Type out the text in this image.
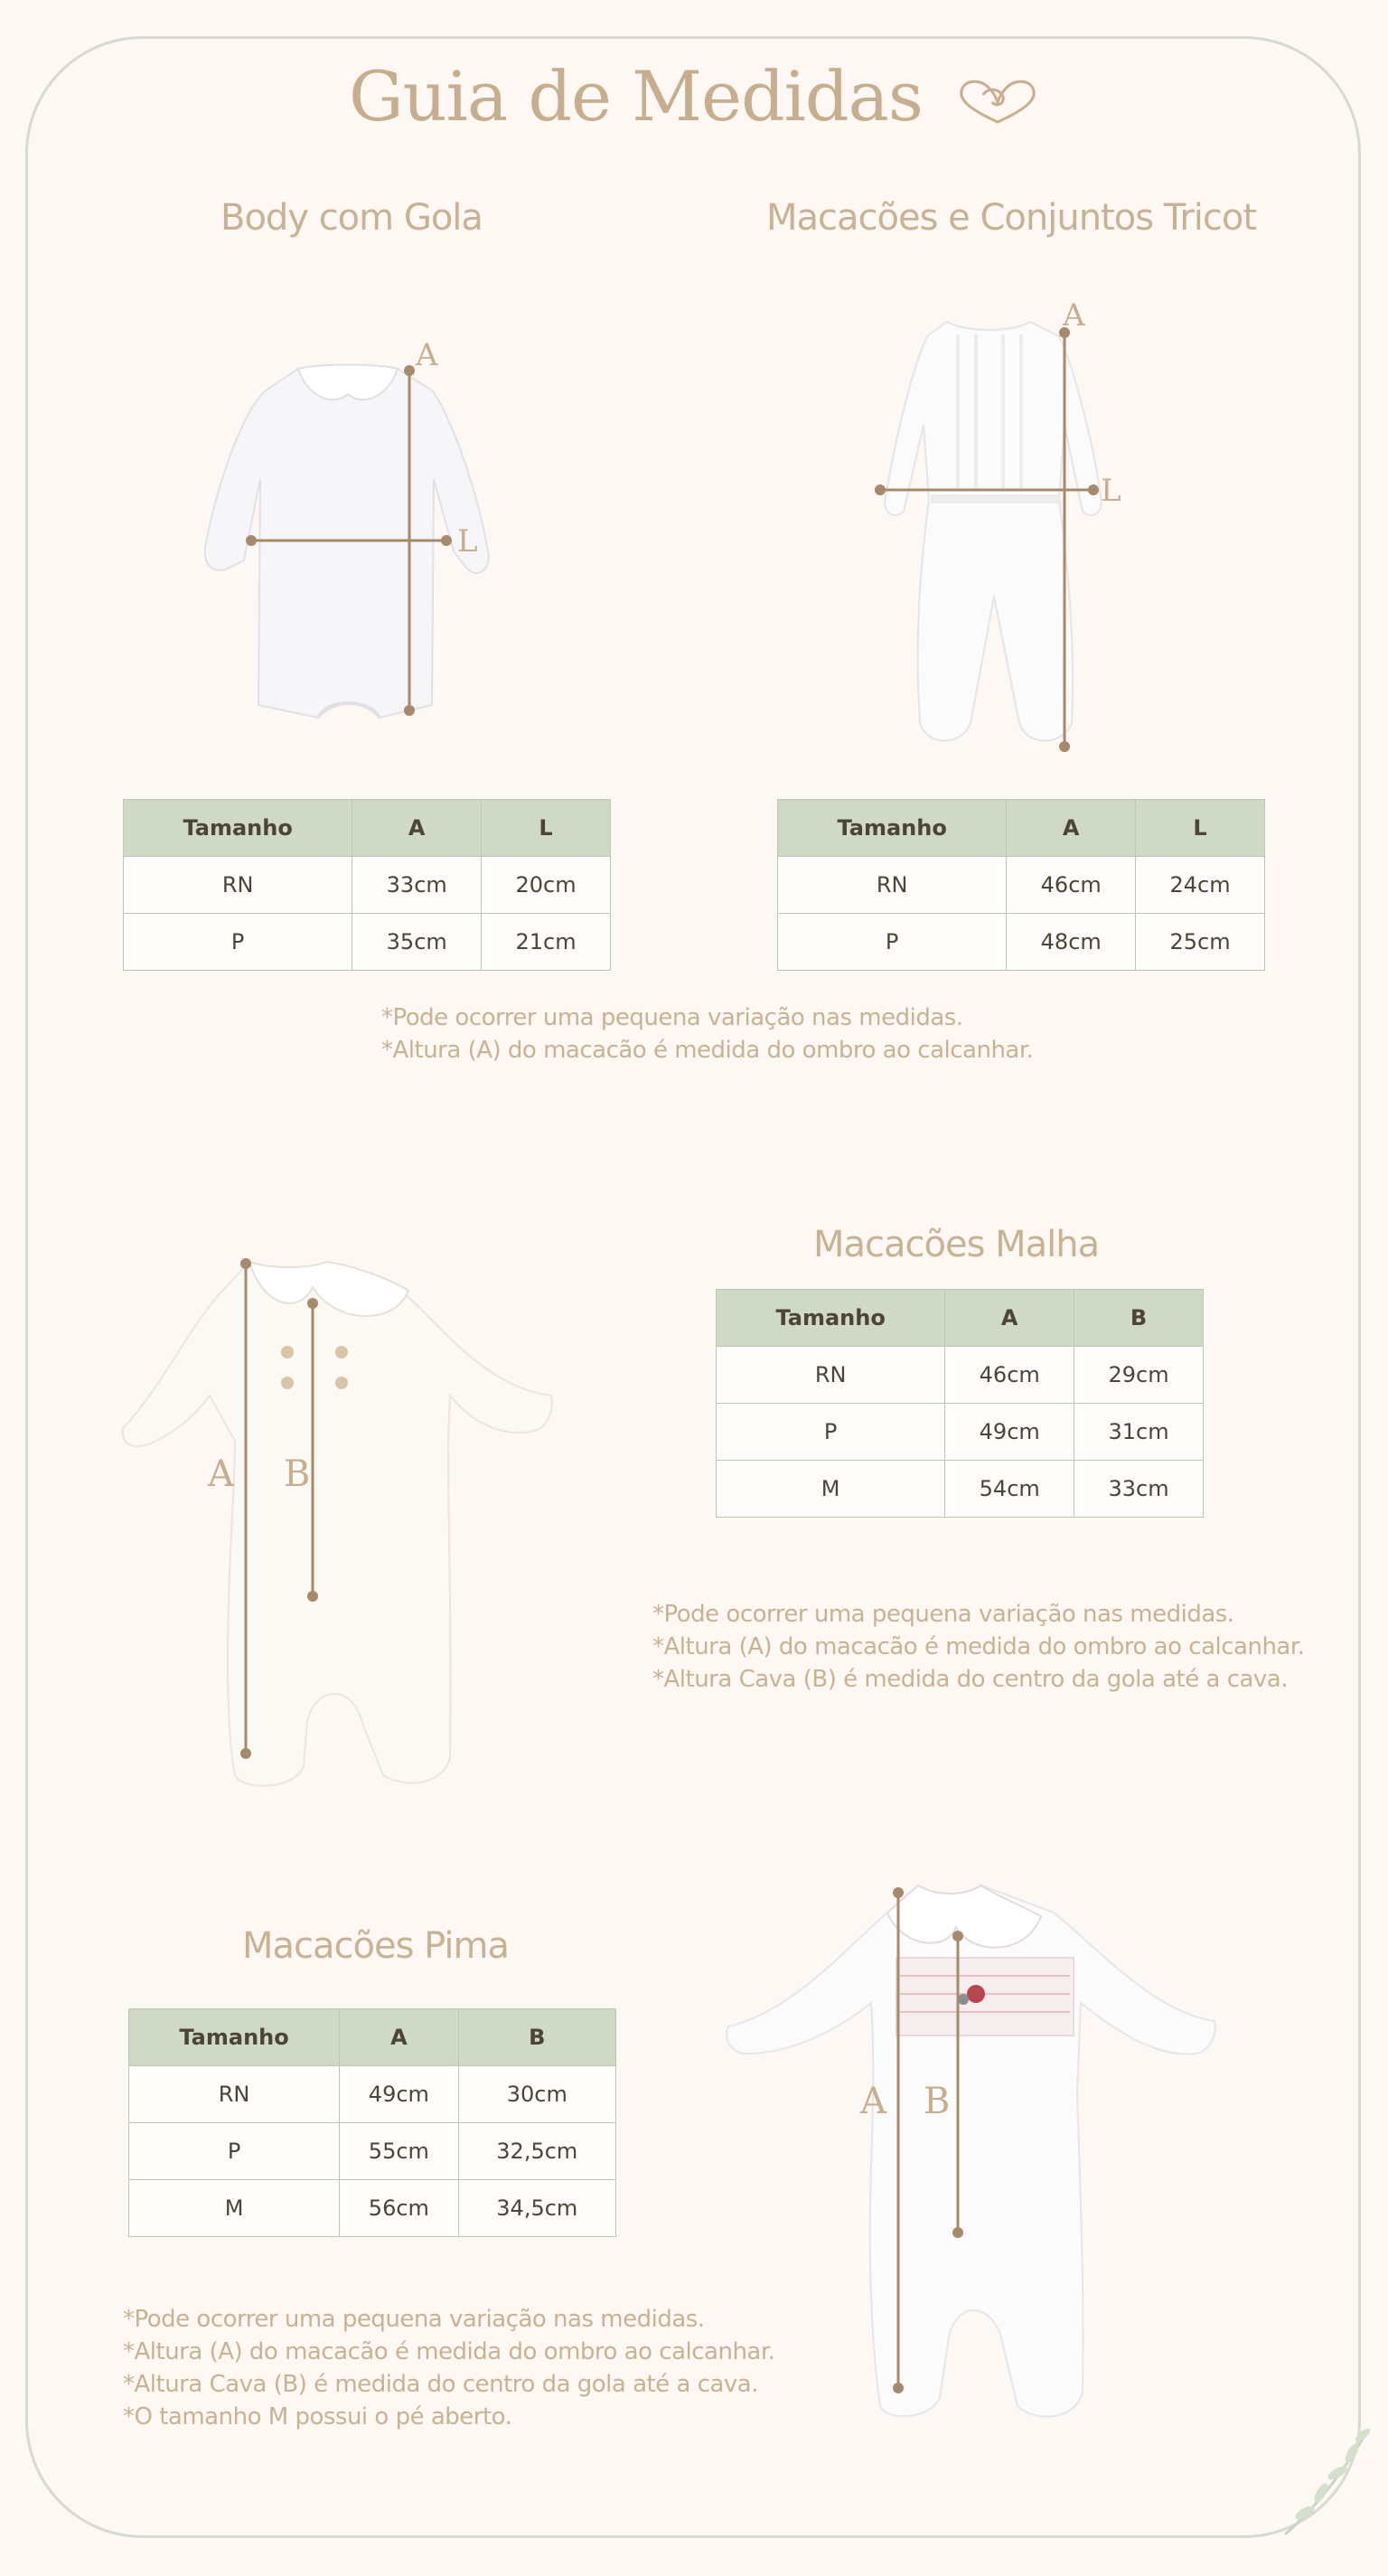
Guia de Medidas
Body com Gola
A
L
Tamanho	A	L
RN	33cm	20cm
P	35cm	21cm
Macacões e Conjuntos Tricot
A
L
Tamanho	A	L
RN	46cm	24cm
P	48cm	25cm
*Pode ocorrer uma pequena variação nas medidas.
*Altura (A) do macacão é medida do ombro ao calcanhar.
A B
Macacões Malha
Tamanho	A	B
RN	46cm	29cm
P	49cm	31cm
M	54cm	33cm
*Pode ocorrer uma pequena variação nas medidas.
*Altura (A) do macacão é medida do ombro ao calcanhar.
*Altura Cava (B) é medida do centro da gola até a cava.
Macacões Pima
Tamanho	A	B
RN	49cm	30cm
P	55cm	32,5cm
M	56cm	34,5cm
A B
*Pode ocorrer uma pequena variação nas medidas.
*Altura (A) do macacão é medida do ombro ao calcanhar.
*Altura Cava (B) é medida do centro da gola até a cava.
*O tamanho M possui o pé aberto.
